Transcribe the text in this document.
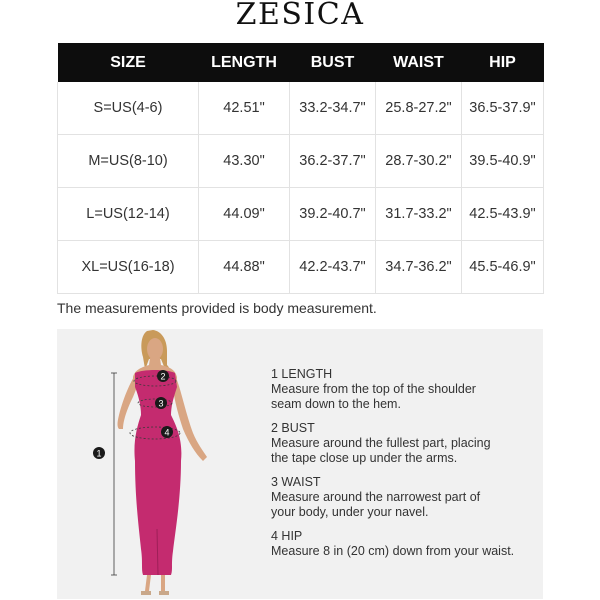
ZESICA
SIZE	LENGTH	BUST	WAIST	HIP
S=US(4-6)	42.51"	33.2-34.7"	25.8-27.2"	36.5-37.9"
M=US(8-10)	43.30"	36.2-37.7"	28.7-30.2"	39.5-40.9"
L=US(12-14)	44.09"	39.2-40.7"	31.7-33.2"	42.5-43.9"
XL=US(16-18)	44.88"	42.2-43.7"	34.7-36.2"	45.5-46.9"
The measurements provided is body measurement.
1
2
3
4
1 LENGTH
Measure from the top of the shoulder
seam down to the hem.
2 BUST
Measure around the fullest part, placing
the tape close up under the arms.
3 WAIST
Measure around the narrowest part of
your body, under your navel.
4 HIP
Measure 8 in (20 cm) down from your waist.
